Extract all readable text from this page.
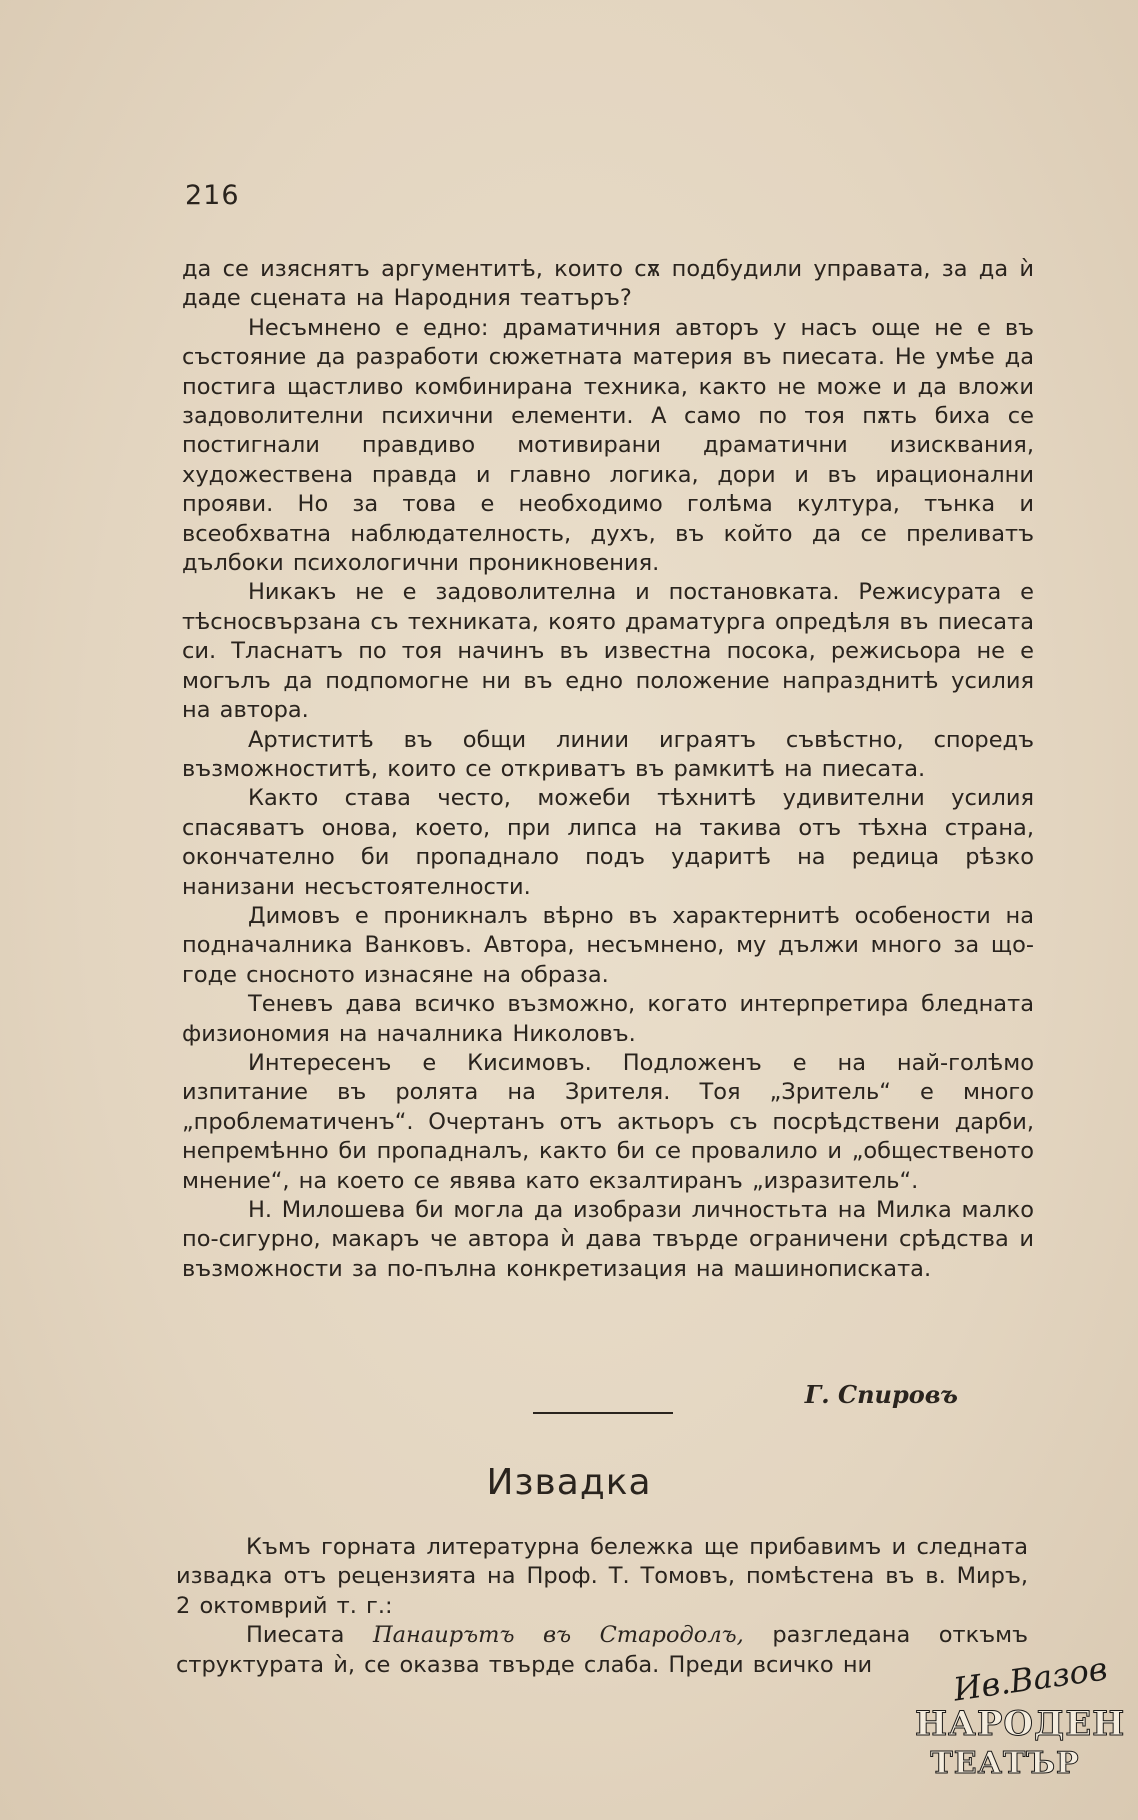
216

да се изяснятъ аргументитѣ, които сѫ подбудили управата, за да ѝ даде сцената на Народния театъръ?

Несъмнено е едно: драматичния авторъ у насъ още не е въ състояние да разработи сюжетната материя въ пиесата. Не умѣе да постига щастливо комбинирана техника, както не може и да вложи задоволителни психични елементи. А само по тоя пѫть биха се постигнали правдиво мотивирани драматични изисквания, художествена правда и главно логика, дори и въ ирационални прояви. Но за това е необходимо голѣма култура, тънка и всеобхватна наблюдателность, духъ, въ който да се преливатъ дълбоки психологични проникновения.

Никакъ не е задоволителна и постановката. Режисурата е тѣсносвързана съ техниката, която драматурга опредѣля въ пиесата си. Тласнатъ по тоя начинъ въ известна посока, режисьора не е могълъ да подпомогне ни въ едно положение напразднитѣ усилия на автора.

Артиститѣ въ общи линии играятъ съвѣстно, споредъ възможноститѣ, които се откриватъ въ рамкитѣ на пиесата.

Както става често, можеби тѣхнитѣ удивителни усилия спасяватъ онова, което, при липса на такива отъ тѣхна страна, окончателно би пропаднало подъ ударитѣ на редица рѣзко нанизани несъстоятелности.

Димовъ е проникналъ вѣрно въ характернитѣ особености на подначалника Ванковъ. Автора, несъмнено, му дължи много за що-годе сносното изнасяне на образа.

Теневъ дава всичко възможно, когато интерпретира бледната физиономия на началника Николовъ.

Интересенъ е Кисимовъ. Подложенъ е на най-голѣмо изпитание въ ролята на Зрителя. Тоя „Зритель“ е много „проблематиченъ“. Очертанъ отъ актьоръ съ посрѣдствени дарби, непремѣнно би пропадналъ, както би се провалило и „общественото мнение“, на което се явява като екзалтиранъ „изразитель“.

Н. Милошева би могла да изобрази личностьта на Милка малко по-сигурно, макаръ че автора ѝ дава твърде ограничени срѣдства и възможности за по-пълна конкретизация на машинописката.

Г. Спировъ
Извадка

Къмъ горната литературна бележка ще прибавимъ и следната извадка отъ рецензията на Проф. Т. Томовъ, помѣстена въ в. Миръ, 2 октомврий т. г.:

Пиесата Панаирътъ въ Стародолъ, разгледана откъмъ структурата ѝ, се оказва твърде слаба. Преди всичко ни	Ив.Вазов
НАРОДЕН
ТЕАТЪР
